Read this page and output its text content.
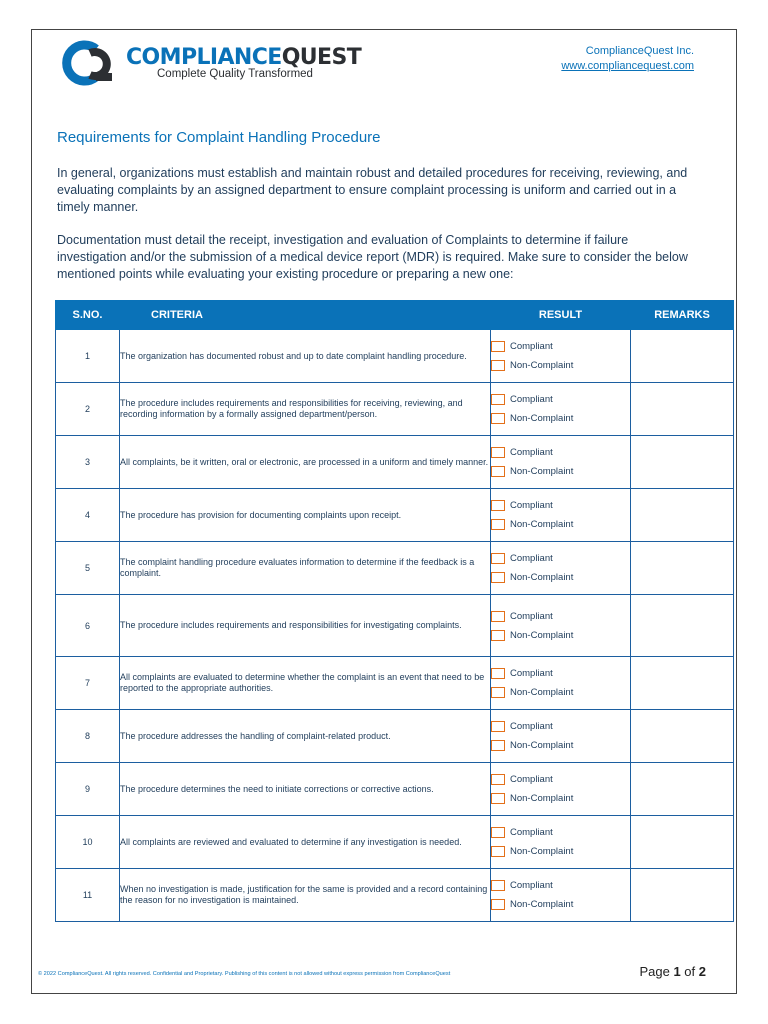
COMPLIANCEQUEST
Complete Quality Transformed
ComplianceQuest Inc.
www.compliancequest.com
Requirements for Complaint Handling Procedure

In general, organizations must establish and maintain robust and detailed procedures for receiving, reviewing, and evaluating complaints by an assigned department to ensure complaint processing is uniform and carried out in a timely manner.

Documentation must detail the receipt, investigation and evaluation of Complaints to determine if failure investigation and/or the submission of a medical device report (MDR) is required. Make sure to consider the below mentioned points while evaluating your existing procedure or preparing a new one:

S.NO.	CRITERIA	RESULT	REMARKS
1	The organization has documented robust and up to date complaint handling procedure.	Compliant
Non-Complaint	

2	The procedure includes requirements and responsibilities for receiving, reviewing, and recording information by a formally assigned department/person.	Compliant
Non-Complaint	

3	All complaints, be it written, oral or electronic, are processed in a uniform and timely manner.	Compliant
Non-Complaint	

4	The procedure has provision for documenting complaints upon receipt.	Compliant
Non-Complaint	

5	The complaint handling procedure evaluates information to determine if the feedback is a complaint.	Compliant
Non-Complaint	

6	The procedure includes requirements and responsibilities for investigating complaints.	Compliant
Non-Complaint	

7	All complaints are evaluated to determine whether the complaint is an event that need to be reported to the appropriate authorities.	Compliant
Non-Complaint	

8	The procedure addresses the handling of complaint-related product.	Compliant
Non-Complaint	

9	The procedure determines the need to initiate corrections or corrective actions.	Compliant
Non-Complaint	

10	All complaints are reviewed and evaluated to determine if any investigation is needed.	Compliant
Non-Complaint	

11	When no investigation is made, justification for the same is provided and a record containing the reason for no investigation is maintained.	Compliant
Non-Complaint	

© 2022 ComplianceQuest. All rights reserved. Confidential and Proprietary. Publishing of this content is not allowed without express permission from ComplianceQuest	Page 1 of 2
